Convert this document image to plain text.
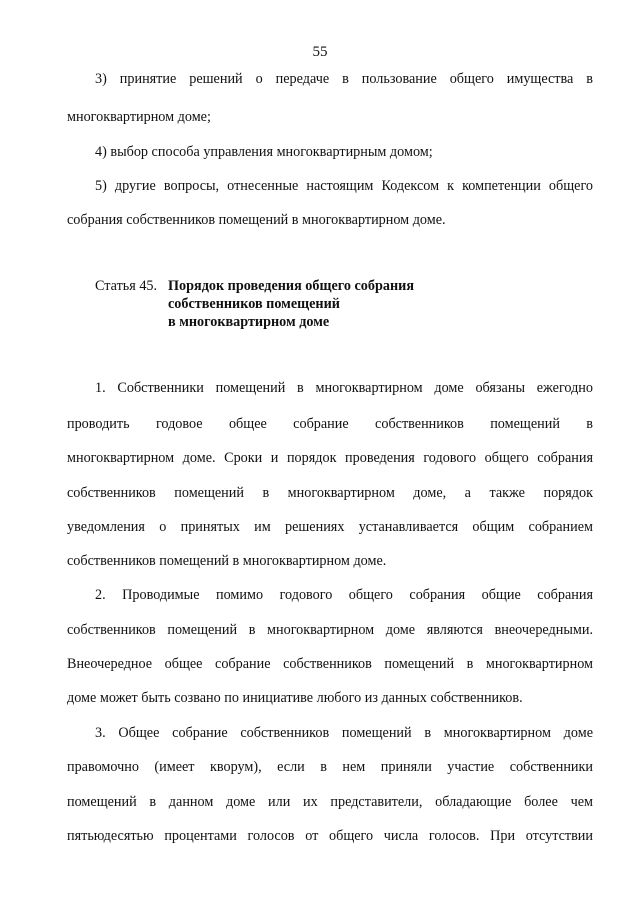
55
3) принятие решений о передаче в пользование общего имущества в
многоквартирном доме;
4) выбор способа управления многоквартирным домом;
5) другие вопросы, отнесенные настоящим Кодексом к компетенции общего
собрания собственников помещений в многоквартирном доме.
Статья 45. Порядок проведения общего собрания
собственников помещений
в многоквартирном доме
1. Собственники помещений в многоквартирном доме обязаны ежегодно
проводить годовое общее собрание собственников помещений в
многоквартирном доме. Сроки и порядок проведения годового общего собрания
собственников помещений в многоквартирном доме, а также порядок
уведомления о принятых им решениях устанавливается общим собранием
собственников помещений в многоквартирном доме.
2. Проводимые помимо годового общего собрания общие собрания
собственников помещений в многоквартирном доме являются внеочередными.
Внеочередное общее собрание собственников помещений в многоквартирном
доме может быть созвано по инициативе любого из данных собственников.
3. Общее собрание собственников помещений в многоквартирном доме
правомочно (имеет кворум), если в нем приняли участие собственники
помещений в данном доме или их представители, обладающие более чем
пятьюдесятью процентами голосов от общего числа голосов. При отсутствии
